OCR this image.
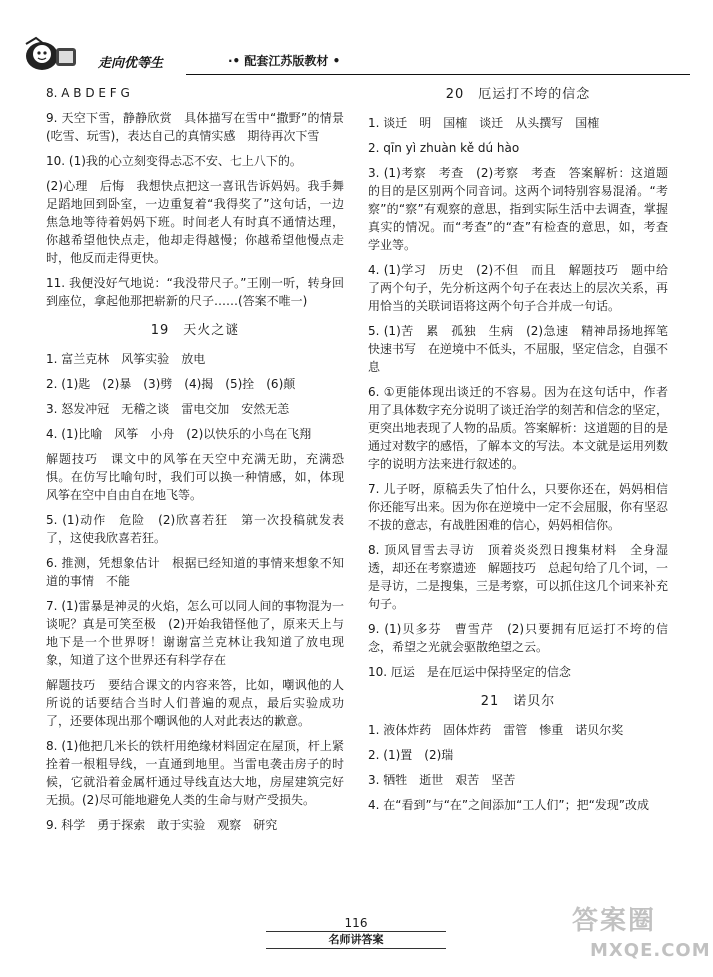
走向优等生	·• 配套江苏版教材 •
8. A B D E F G
9. 天空下雪，静静欣赏　具体描写在雪中“撒野”的情景(吃雪、玩雪)，表达自己的真情实感　期待再次下雪
10. (1)我的心立刻变得忐忑不安、七上八下的。
(2)心理　后悔　我想快点把这一喜讯告诉妈妈。我手舞足蹈地回到卧室，一边重复着“我得奖了”这句话，一边焦急地等待着妈妈下班。时间老人有时真不通情达理，你越希望他快点走，他却走得越慢；你越希望他慢点走时，他反而走得更快。
11. 我便没好气地说：“我没带尺子。”王刚一听，转身回到座位，拿起他那把崭新的尺子……(答案不唯一)
19　天火之谜
1. 富兰克林　风筝实验　放电
2. (1)匙　(2)暴　(3)劈　(4)揭　(5)拴　(6)颠
3. 怒发冲冠　无稽之谈　雷电交加　安然无恙
4. (1)比喻　风筝　小舟　(2)以快乐的小鸟在飞翔
解题技巧　课文中的风筝在天空中充满无助，充满恐惧。在仿写比喻句时，我们可以换一种情感，如，体现风筝在空中自由自在地飞等。
5. (1)动作　危险　(2)欣喜若狂　第一次投稿就发表了，这使我欣喜若狂。
6. 推测，凭想象估计　根据已经知道的事情来想象不知道的事情　不能
7. (1)雷暴是神灵的火焰，怎么可以同人间的事物混为一谈呢？真是可笑至极　(2)开始我错怪他了，原来天上与地下是一个世界呀！谢谢富兰克林让我知道了放电现象，知道了这个世界还有科学存在
解题技巧　要结合课文的内容来答，比如，嘲讽他的人所说的话要结合当时人们普遍的观点，最后实验成功了，还要体现出那个嘲讽他的人对此表达的歉意。
8. (1)他把几米长的铁杆用绝缘材料固定在屋顶，杆上紧拴着一根粗导线，一直通到地里。当雷电袭击房子的时候，它就沿着金属杆通过导线直达大地，房屋建筑完好无损。(2)尽可能地避免人类的生命与财产受损失。
9. 科学　勇于探索　敢于实验　观察　研究
20　厄运打不垮的信念
1. 谈迁　明　国榷　谈迁　从头撰写　国榷
2. qīn yì zhuàn kě dú hào
3. (1)考察　考查　(2)考察　考查　答案解析：这道题的目的是区别两个同音词。这两个词特别容易混淆。“考察”的“察”有观察的意思，指到实际生活中去调查，掌握真实的情况。而“考查”的“查”有检查的意思，如，考查学业等。
4. (1)学习　历史　(2)不但　而且　解题技巧　题中给了两个句子，先分析这两个句子在表达上的层次关系，再用恰当的关联词语将这两个句子合并成一句话。
5. (1)苦　累　孤独　生病　(2)急速　精神昂扬地挥笔快速书写　在逆境中不低头，不屈服，坚定信念，自强不息
6. ①更能体现出谈迁的不容易。因为在这句话中，作者用了具体数字充分说明了谈迁治学的刻苦和信念的坚定，更突出地表现了人物的品质。答案解析：这道题的目的是通过对数字的感悟，了解本文的写法。本文就是运用列数字的说明方法来进行叙述的。
7. 儿子呀，原稿丢失了怕什么，只要你还在，妈妈相信你还能写出来。因为你在逆境中一定不会屈服，你有坚忍不拔的意志，有战胜困难的信心，妈妈相信你。
8. 顶风冒雪去寻访　顶着炎炎烈日搜集材料　全身湿透，却还在考察遗迹　解题技巧　总起句给了几个词，一是寻访，二是搜集，三是考察，可以抓住这几个词来补充句子。
9. (1)贝多芬　曹雪芹　(2)只要拥有厄运打不垮的信念，希望之光就会驱散绝望之云。
10. 厄运　是在厄运中保持坚定的信念
21　诺贝尔
1. 液体炸药　固体炸药　雷管　惨重　诺贝尔奖
2. (1)置　(2)瑞
3. 牺牲　逝世　艰苦　坚苦
4. 在“看到”与“在”之间添加“工人们”；把“发现”改成
116
名师讲答案
答案圈
MXQE.COM
